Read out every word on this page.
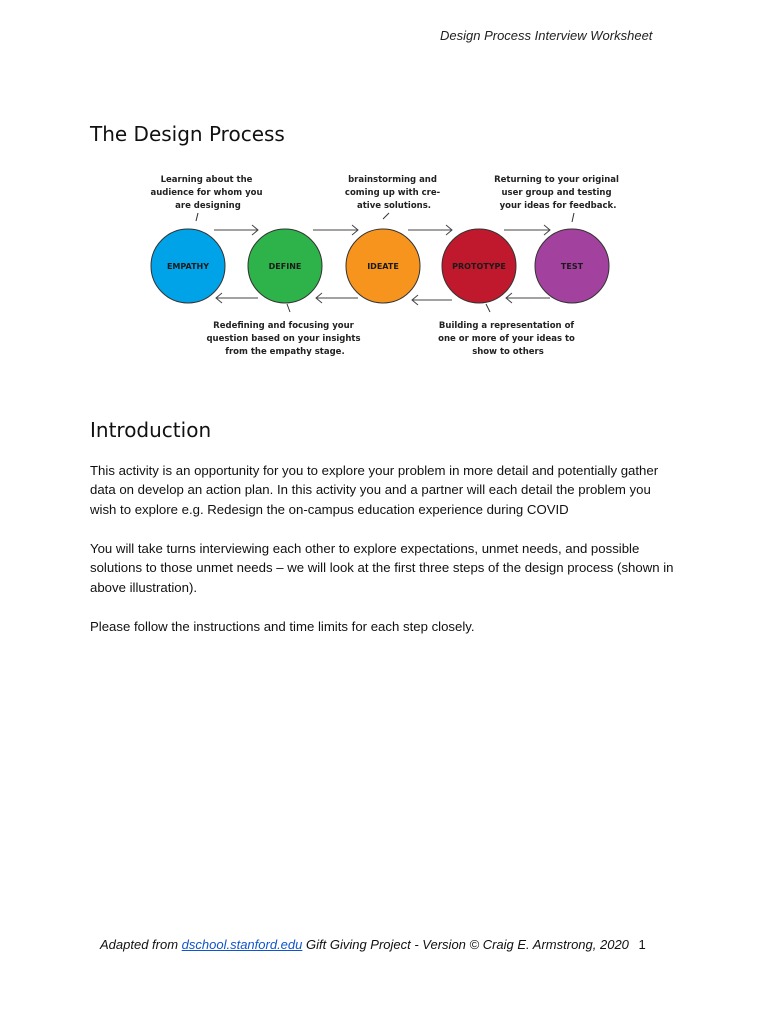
Design Process Interview Worksheet
The Design Process
Learning about the audience for whom you are designing
brainstorming and coming up with cre- ative solutions.
Returning to your original user group and testing your ideas for feedback.
Redefining and focusing your question based on your insights from the empathy stage.
Building a representation of one or more of your ideas to show to others
EMPATHY	DEFINE	IDEATE	PROTOTYPE	TEST
Introduction

This activity is an opportunity for you to explore your problem in more detail and potentially gather data on develop an action plan. In this activity you and a partner will each detail the problem you wish to explore e.g. Redesign the on-campus education experience during COVID

You will take turns interviewing each other to explore expectations, unmet needs, and possible solutions to those unmet needs – we will look at the first three steps of the design process (shown in above illustration).

Please follow the instructions and time limits for each step closely.

Adapted from dschool.stanford.edu Gift Giving Project - Version © Craig E. Armstrong, 2020 1
